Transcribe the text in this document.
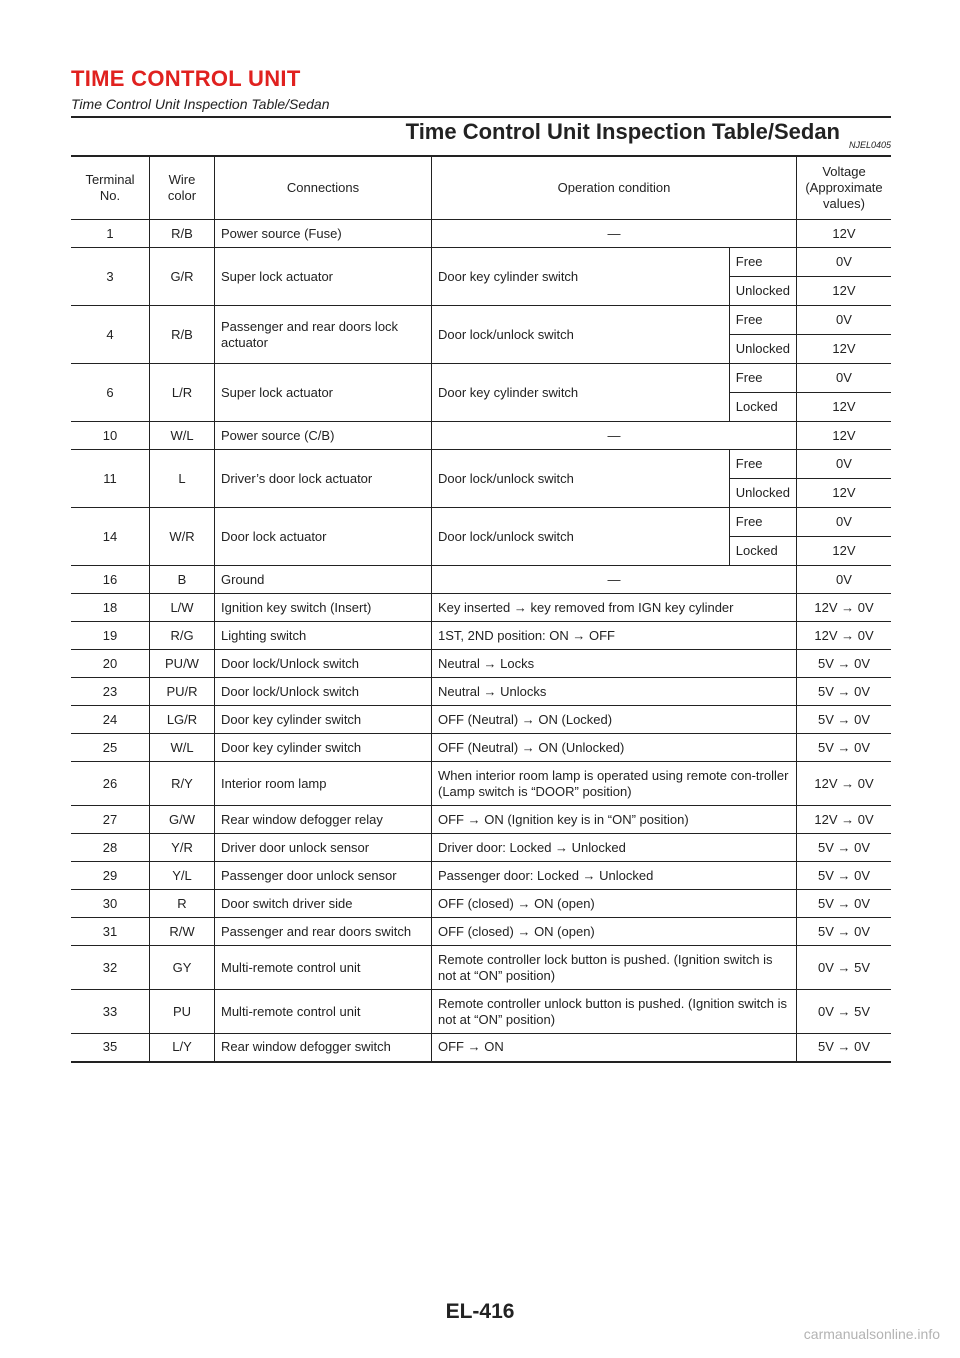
TIME CONTROL UNIT
Time Control Unit Inspection Table/Sedan
Time Control Unit Inspection Table/Sedan
NJEL0405
Terminal No.	Wire color	Connections	Operation condition		Voltage (Approximate values)
1	R/B	Power source (Fuse)	—		12V
3	G/R	Super lock actuator	Door key cylinder switch	Free	0V
				Unlocked	12V
4	R/B	Passenger and rear doors lock actuator	Door lock/unlock switch	Free	0V
				Unlocked	12V
6	L/R	Super lock actuator	Door key cylinder switch	Free	0V
				Locked	12V
10	W/L	Power source (C/B)	—		12V
11	L	Driver’s door lock actuator	Door lock/unlock switch	Free	0V
				Unlocked	12V
14	W/R	Door lock actuator	Door lock/unlock switch	Free	0V
				Locked	12V
16	B	Ground	—		0V
18	L/W	Ignition key switch (Insert)	Key inserted → key removed from IGN key cylinder		12V → 0V
19	R/G	Lighting switch	1ST, 2ND position: ON → OFF		12V → 0V
20	PU/W	Door lock/Unlock switch	Neutral → Locks		5V → 0V
23	PU/R	Door lock/Unlock switch	Neutral → Unlocks		5V → 0V
24	LG/R	Door key cylinder switch	OFF (Neutral) → ON (Locked)		5V → 0V
25	W/L	Door key cylinder switch	OFF (Neutral) → ON (Unlocked)		5V → 0V
26	R/Y	Interior room lamp	When interior room lamp is operated using remote con-troller (Lamp switch is “DOOR” position)		12V → 0V
27	G/W	Rear window defogger relay	OFF → ON (Ignition key is in “ON” position)		12V → 0V
28	Y/R	Driver door unlock sensor	Driver door: Locked → Unlocked		5V → 0V
29	Y/L	Passenger door unlock sensor	Passenger door: Locked → Unlocked		5V → 0V
30	R	Door switch driver side	OFF (closed) → ON (open)		5V → 0V
31	R/W	Passenger and rear doors switch	OFF (closed) → ON (open)		5V → 0V
32	GY	Multi-remote control unit	Remote controller lock button is pushed. (Ignition switch is not at “ON” position)		0V → 5V
33	PU	Multi-remote control unit	Remote controller unlock button is pushed. (Ignition switch is not at “ON” position)		0V → 5V
35	L/Y	Rear window defogger switch	OFF → ON		5V → 0V
EL-416
carmanualsonline.info
